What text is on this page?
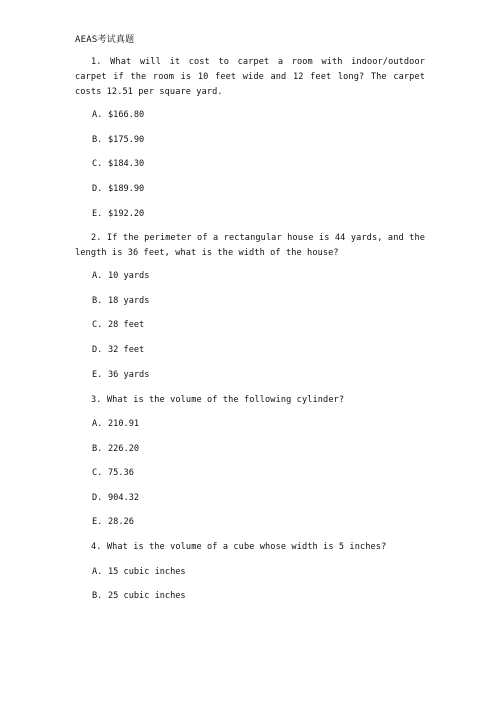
AEAS考试真题
1. What will it cost to carpet a room with indoor/outdoor carpet if the room is 10 feet wide and 12 feet long? The carpet costs 12.51 per square yard.
A. $166.80
B. $175.90
C. $184.30
D. $189.90
E. $192.20
2. If the perimeter of a rectangular house is 44 yards, and the length is 36 feet, what is the width of the house?
A. 10 yards
B. 18 yards
C. 28 feet
D. 32 feet
E. 36 yards
3. What is the volume of the following cylinder?
A. 210.91
B. 226.20
C. 75.36
D. 904.32
E. 28.26
4. What is the volume of a cube whose width is 5 inches?
A. 15 cubic inches
B. 25 cubic inches
